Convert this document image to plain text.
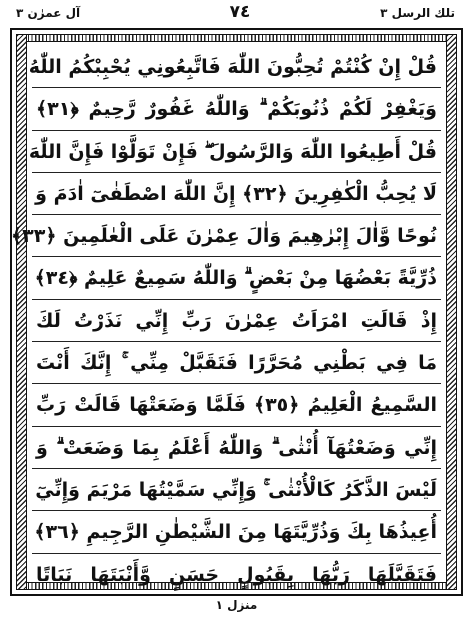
آل عمرٰن ٣	٧٤	تلك الرسل ٣
قُلْ إِنْ كُنْتُمْ تُحِبُّونَ اللّٰهَ فَاتَّبِعُونِي يُحْبِبْكُمُ اللّٰهُ
وَيَغْفِرْ لَكُمْ ذُنُوبَكُمْ ۗ وَاللّٰهُ غَفُورٌ رَّحِيمٌ ﴿٣١﴾
قُلْ أَطِيعُوا اللّٰهَ وَالرَّسُولَ ۖ فَإِنْ تَوَلَّوْا فَإِنَّ اللّٰهَ
لَا يُحِبُّ الْكٰفِرِينَ ﴿٣٢﴾ إِنَّ اللّٰهَ اصْطَفٰىٓ اٰدَمَ وَ
نُوحًا وَّاٰلَ إِبْرٰهِيمَ وَاٰلَ عِمْرٰنَ عَلَى الْعٰلَمِينَ ﴿٣٣﴾
ذُرِّيَّةً بَعْضُهَا مِنْ بَعْضٍ ۗ وَاللّٰهُ سَمِيعٌ عَلِيمٌ ﴿٣٤﴾
إِذْ قَالَتِ امْرَاَتُ عِمْرٰنَ رَبِّ إِنِّي نَذَرْتُ لَكَ
مَا فِي بَطْنِي مُحَرَّرًا فَتَقَبَّلْ مِنِّي ۚ إِنَّكَ أَنْتَ
السَّمِيعُ الْعَلِيمُ ﴿٣٥﴾ فَلَمَّا وَضَعَتْهَا قَالَتْ رَبِّ
إِنِّي وَضَعْتُهَآ أُنْثٰى ۗ وَاللّٰهُ أَعْلَمُ بِمَا وَضَعَتْ ۗ وَ
لَيْسَ الذَّكَرُ كَالْأُنْثٰى ۚ وَإِنِّي سَمَّيْتُهَا مَرْيَمَ وَإِنِّيٓ
أُعِيذُهَا بِكَ وَذُرِّيَّتَهَا مِنَ الشَّيْطٰنِ الرَّجِيمِ ﴿٣٦﴾
فَتَقَبَّلَهَا رَبُّهَا بِقَبُولٍ حَسَنٍ وَّأَنْبَتَهَا نَبَاتًا
منزل ١
